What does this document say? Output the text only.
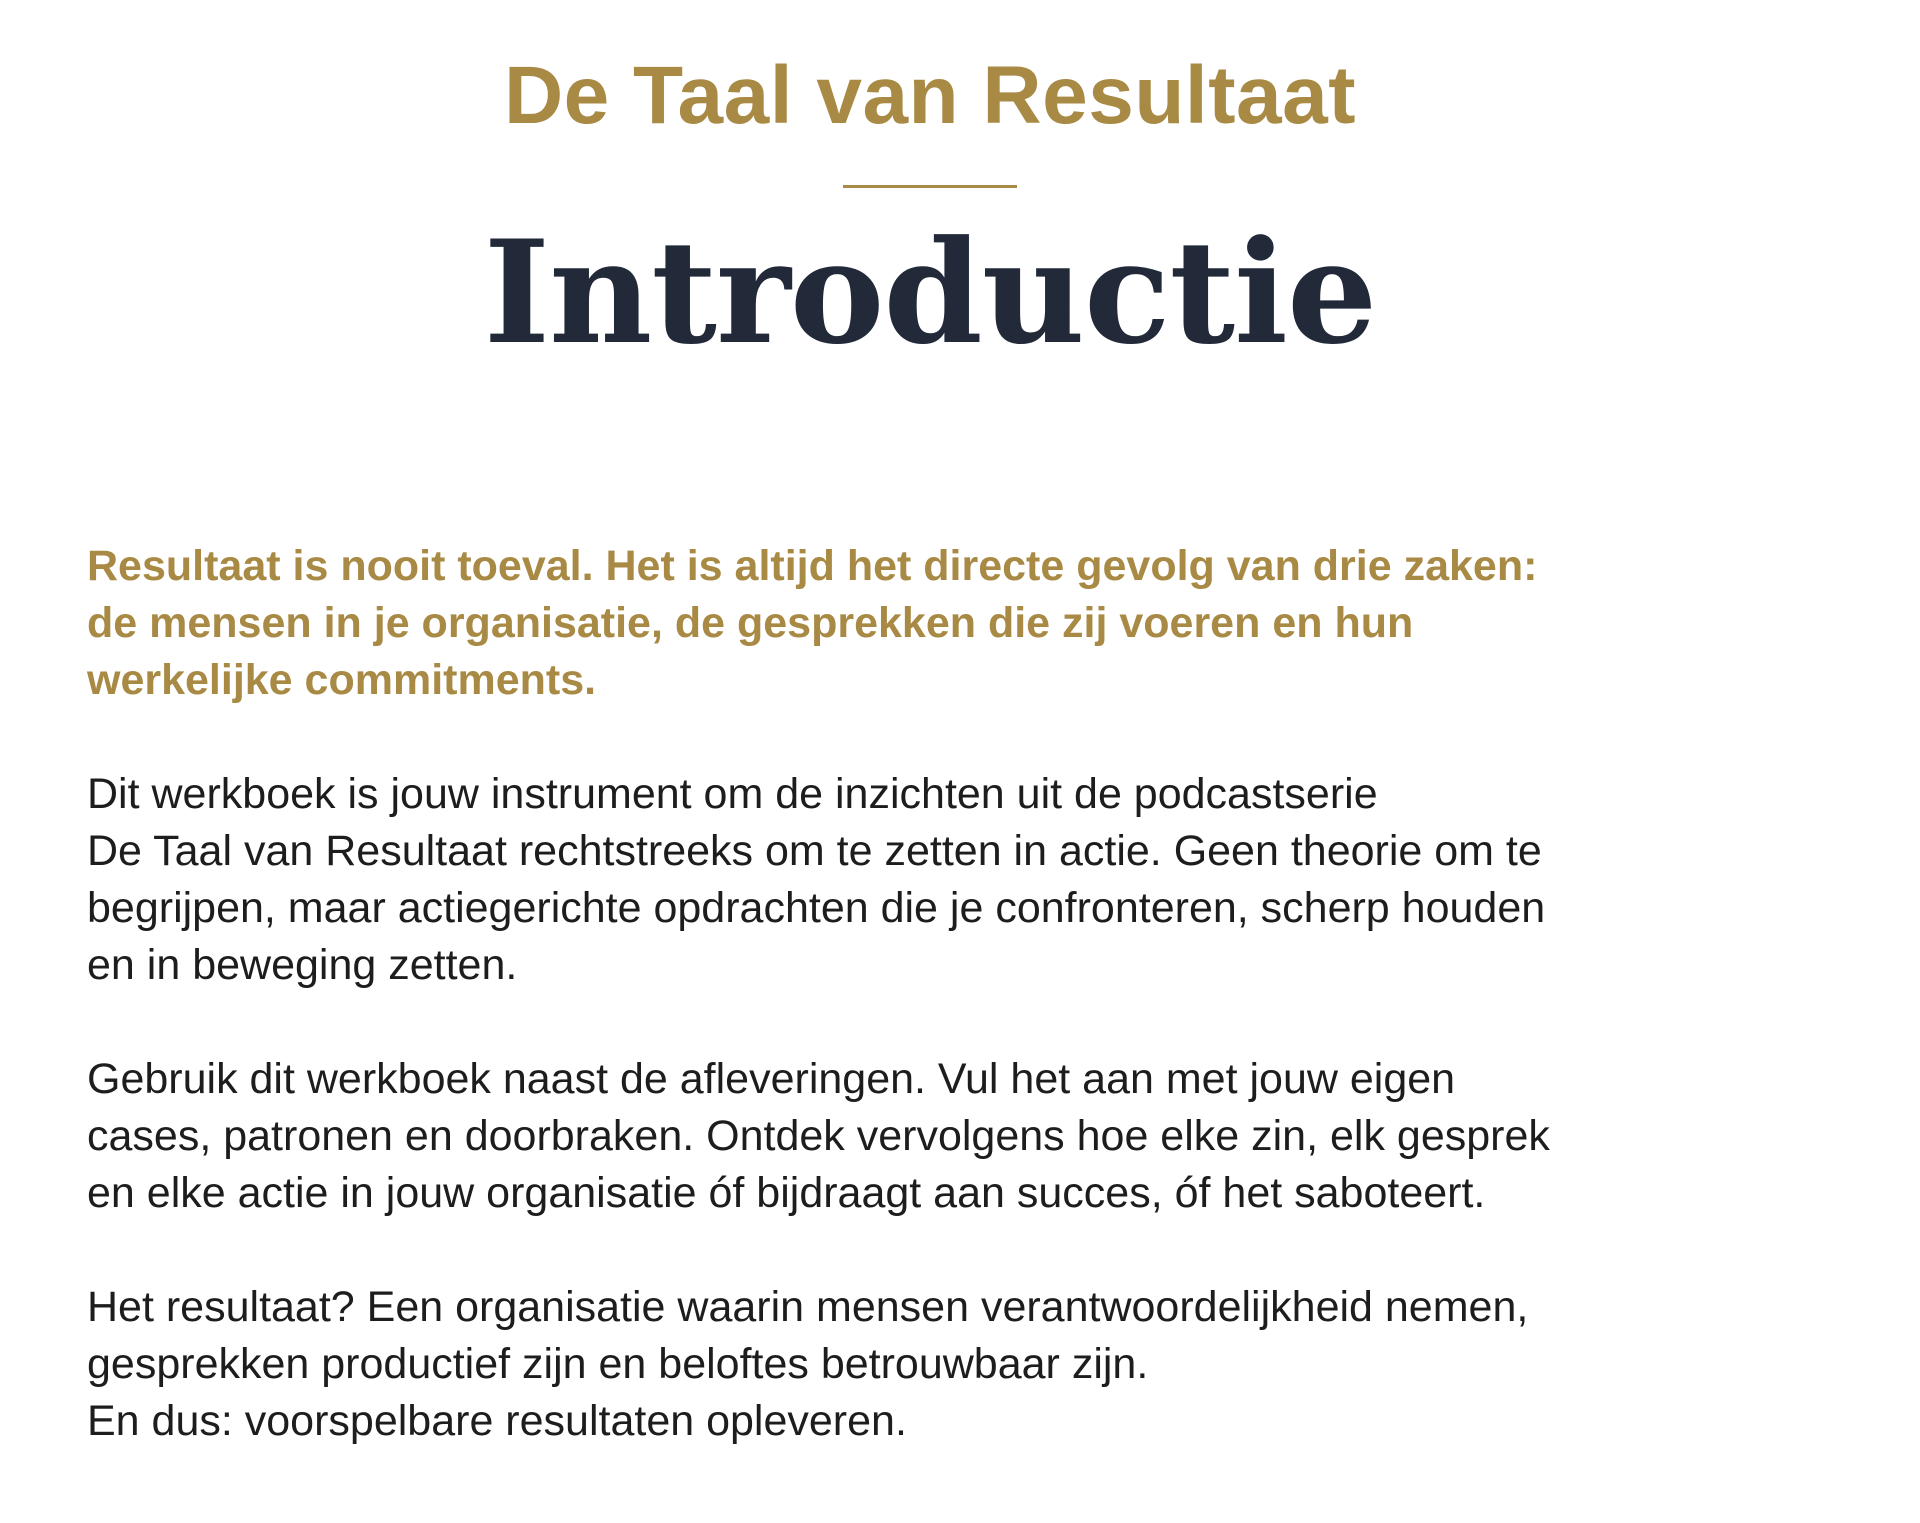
De Taal van Resultaat
Introductie

Resultaat is nooit toeval. Het is altijd het directe gevolg van drie zaken:
de mensen in je organisatie, de gesprekken die zij voeren en hun
werkelijke commitments.

Dit werkboek is jouw instrument om de inzichten uit de podcastserie
De Taal van Resultaat rechtstreeks om te zetten in actie. Geen theorie om te
begrijpen, maar actiegerichte opdrachten die je confronteren, scherp houden
en in beweging zetten.

Gebruik dit werkboek naast de afleveringen. Vul het aan met jouw eigen
cases, patronen en doorbraken. Ontdek vervolgens hoe elke zin, elk gesprek
en elke actie in jouw organisatie óf bijdraagt aan succes, óf het saboteert.

Het resultaat? Een organisatie waarin mensen verantwoordelijkheid nemen,
gesprekken productief zijn en beloftes betrouwbaar zijn.
En dus: voorspelbare resultaten opleveren.
